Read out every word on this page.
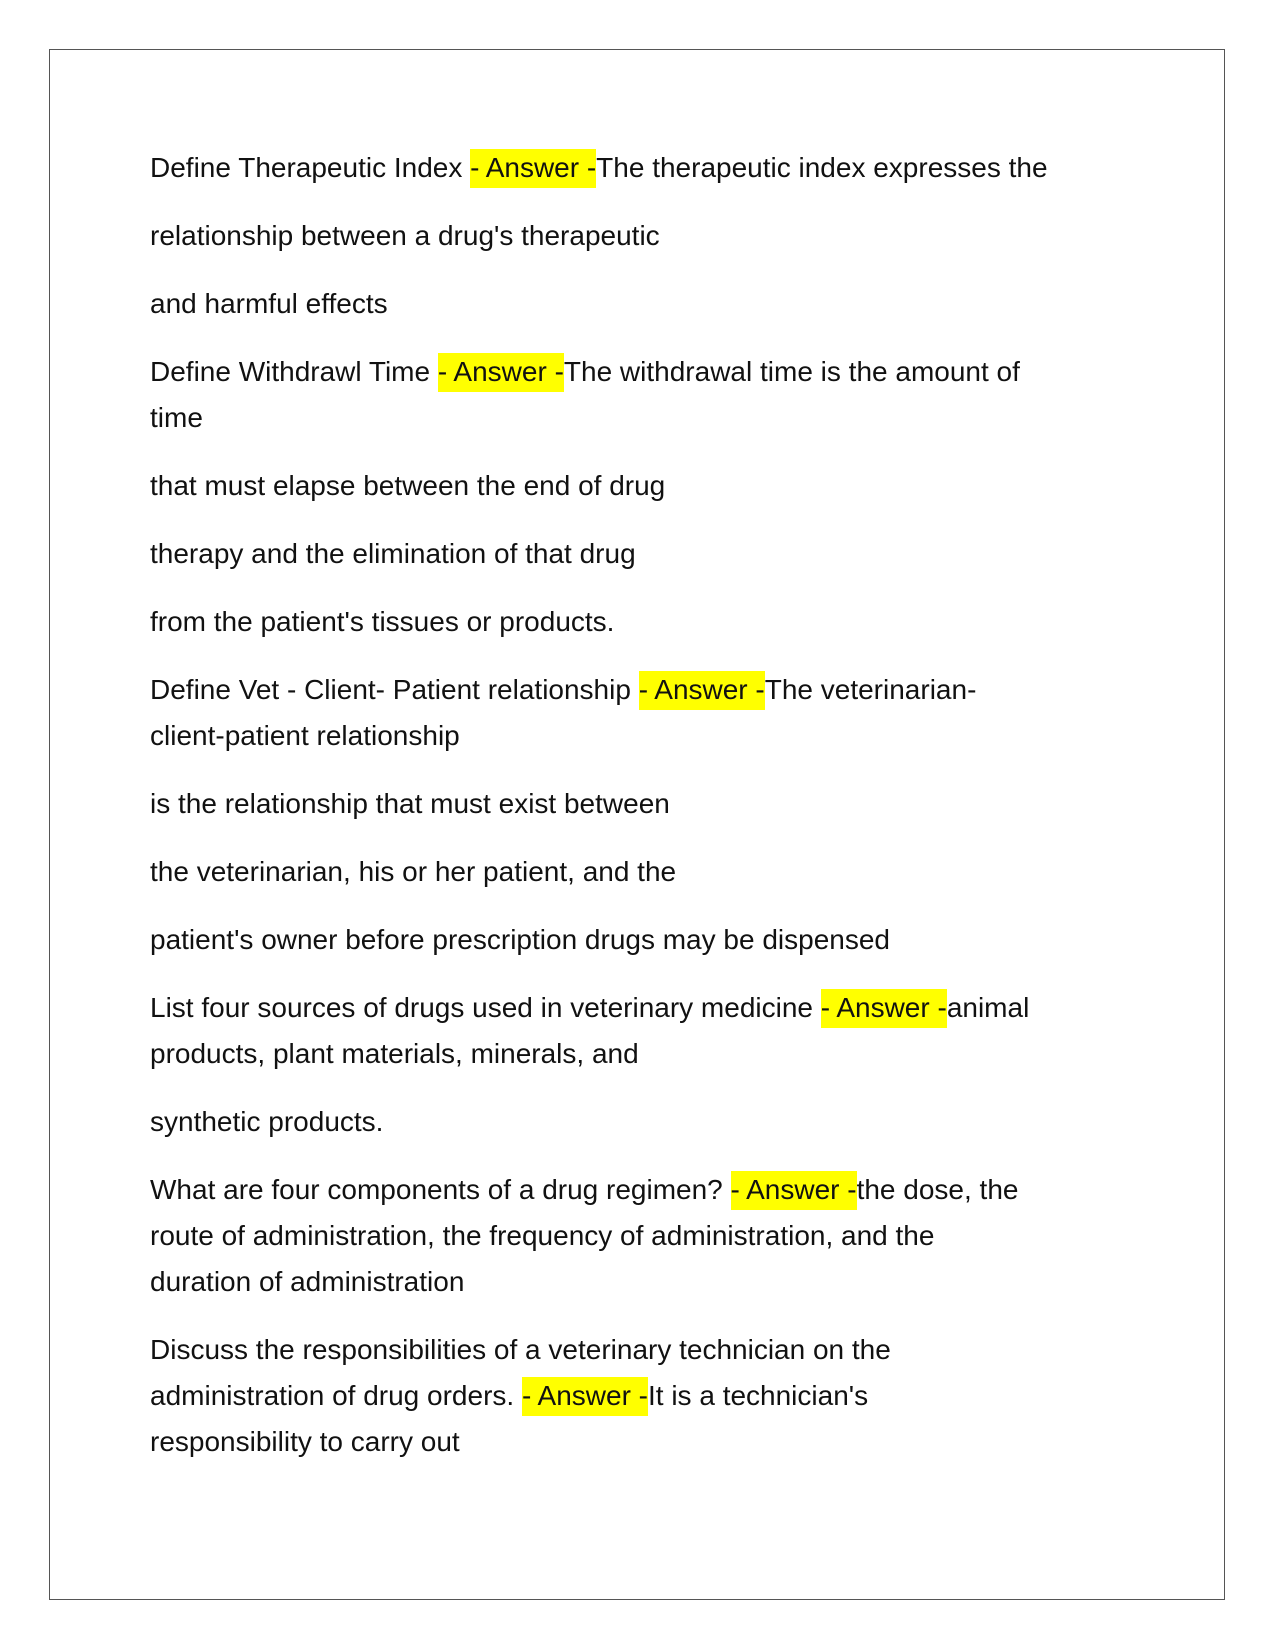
Define Therapeutic Index - Answer -The therapeutic index expresses the

relationship between a drug's therapeutic

and harmful effects

Define Withdrawl Time - Answer -The withdrawal time is the amount of

time

that must elapse between the end of drug

therapy and the elimination of that drug

from the patient's tissues or products.

Define Vet - Client- Patient relationship - Answer -The veterinarian-

client-patient relationship

is the relationship that must exist between

the veterinarian, his or her patient, and the

patient's owner before prescription drugs may be dispensed

List four sources of drugs used in veterinary medicine - Answer -animal

products, plant materials, minerals, and

synthetic products.

What are four components of a drug regimen? - Answer -the dose, the

route of administration, the frequency of administration, and the

duration of administration

Discuss the responsibilities of a veterinary technician on the

administration of drug orders. - Answer -It is a technician's

responsibility to carry out
